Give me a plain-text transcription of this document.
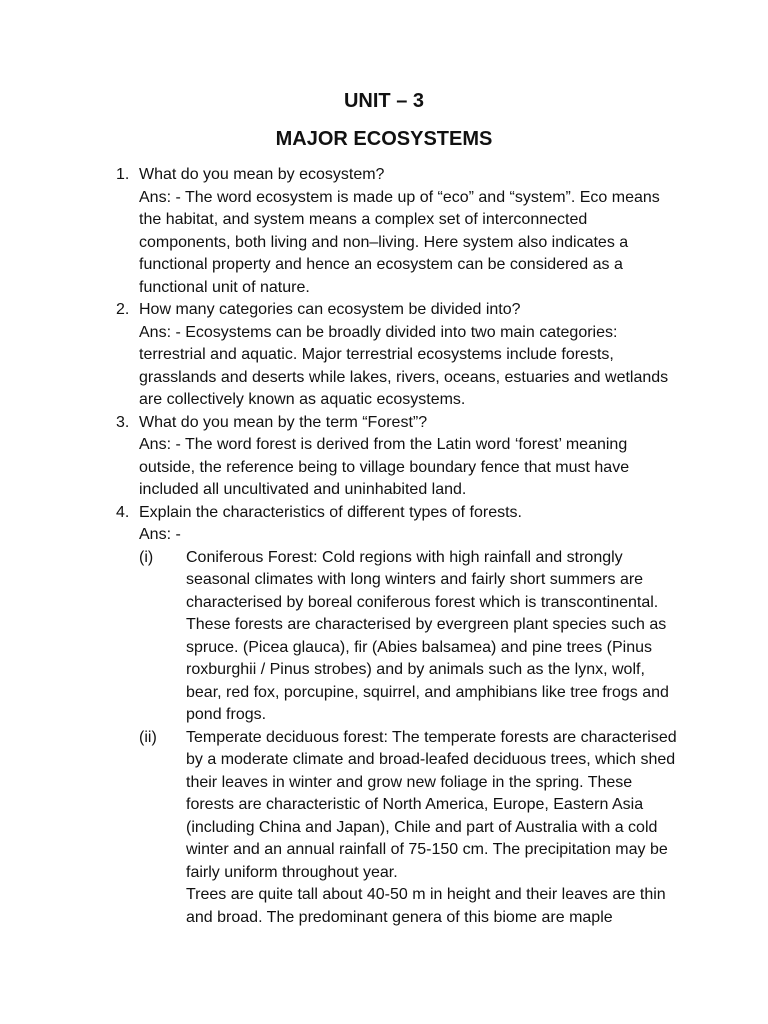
UNIT – 3
MAJOR ECOSYSTEMS
1. What do you mean by ecosystem?
Ans: - The word ecosystem is made up of “eco” and “system”. Eco means the habitat, and system means a complex set of interconnected components, both living and non–living. Here system also indicates a functional property and hence an ecosystem can be considered as a functional unit of nature.
2. How many categories can ecosystem be divided into?
Ans: - Ecosystems can be broadly divided into two main categories: terrestrial and aquatic. Major terrestrial ecosystems include forests, grasslands and deserts while lakes, rivers, oceans, estuaries and wetlands are collectively known as aquatic ecosystems.
3. What do you mean by the term “Forest”?
Ans: - The word forest is derived from the Latin word ‘forest’ meaning outside, the reference being to village boundary fence that must have included all uncultivated and uninhabited land.
4. Explain the characteristics of different types of forests.
Ans: -
(i) Coniferous Forest: Cold regions with high rainfall and strongly seasonal climates with long winters and fairly short summers are characterised by boreal coniferous forest which is transcontinental. These forests are characterised by evergreen plant species such as spruce. (Picea glauca), fir (Abies balsamea) and pine trees (Pinus roxburghii / Pinus strobes) and by animals such as the lynx, wolf, bear, red fox, porcupine, squirrel, and amphibians like tree frogs and pond frogs.
(ii) Temperate deciduous forest: The temperate forests are characterised by a moderate climate and broad-leafed deciduous trees, which shed their leaves in winter and grow new foliage in the spring. These forests are characteristic of North America, Europe, Eastern Asia (including China and Japan), Chile and part of Australia with a cold winter and an annual rainfall of 75-150 cm. The precipitation may be fairly uniform throughout year.
Trees are quite tall about 40-50 m in height and their leaves are thin and broad. The predominant genera of this biome are maple
